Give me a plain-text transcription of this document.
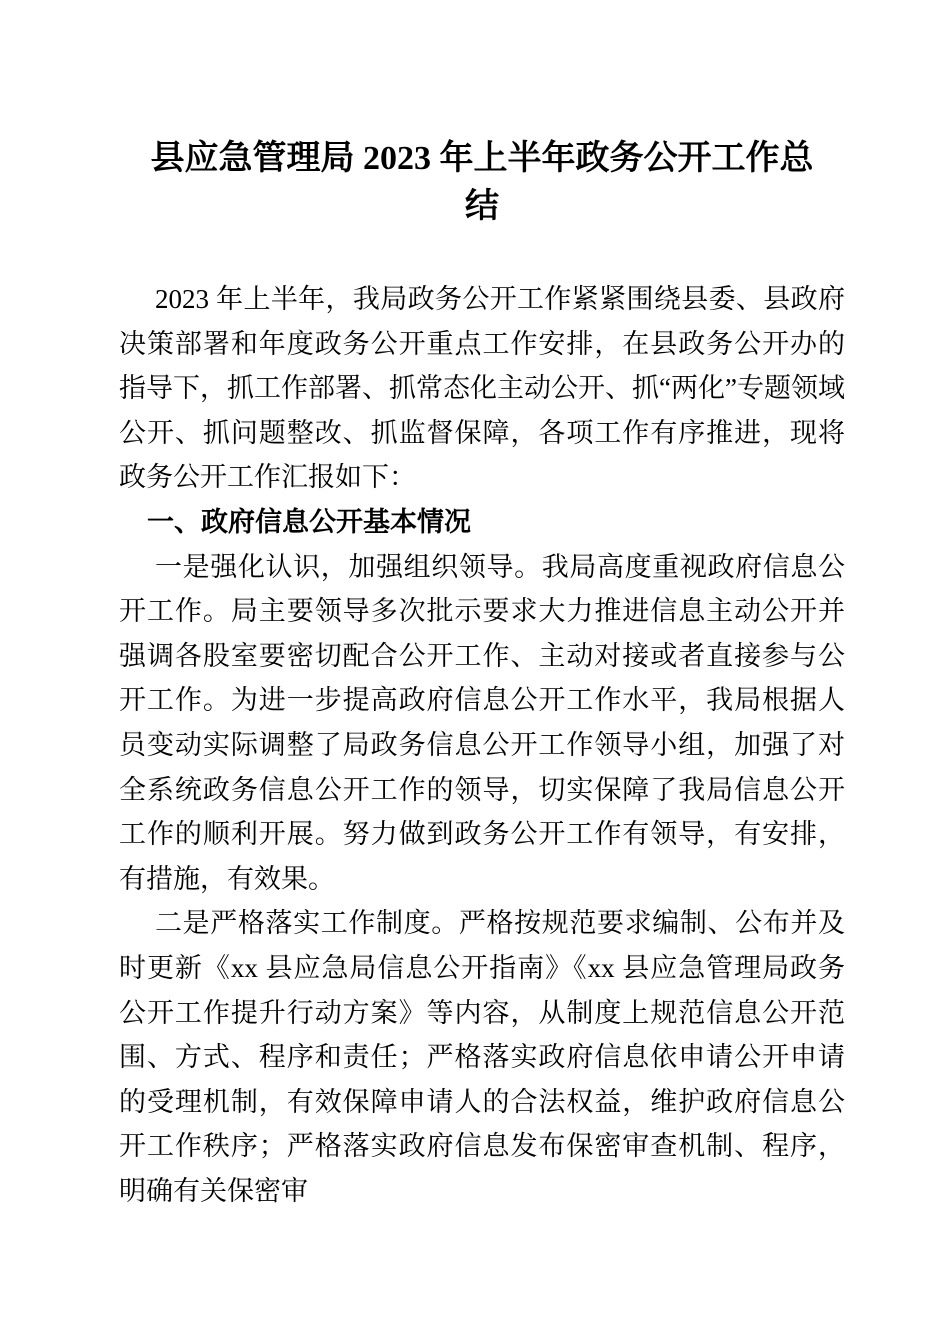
县应急管理局 2023 年上半年政务公开工作总结

2023 年上半年，我局政务公开工作紧紧围绕县委、县政府决策部署和年度政务公开重点工作安排，在县政务公开办的指导下，抓工作部署、抓常态化主动公开、抓“两化”专题领域公开、抓问题整改、抓监督保障，各项工作有序推进，现将政务公开工作汇报如下：

一、政府信息公开基本情况

一是强化认识，加强组织领导。我局高度重视政府信息公开工作。局主要领导多次批示要求大力推进信息主动公开并强调各股室要密切配合公开工作、主动对接或者直接参与公开工作。为进一步提高政府信息公开工作水平，我局根据人员变动实际调整了局政务信息公开工作领导小组，加强了对全系统政务信息公开工作的领导，切实保障了我局信息公开工作的顺利开展。努力做到政务公开工作有领导，有安排，有措施，有效果。

二是严格落实工作制度。严格按规范要求编制、公布并及时更新《xx 县应急局信息公开指南》《xx 县应急管理局政务公开工作提升行动方案》等内容，从制度上规范信息公开范围、方式、程序和责任；严格落实政府信息依申请公开申请的受理机制，有效保障申请人的合法权益，维护政府信息公开工作秩序；严格落实政府信息发布保密审查机制、程序，明确有关保密审
